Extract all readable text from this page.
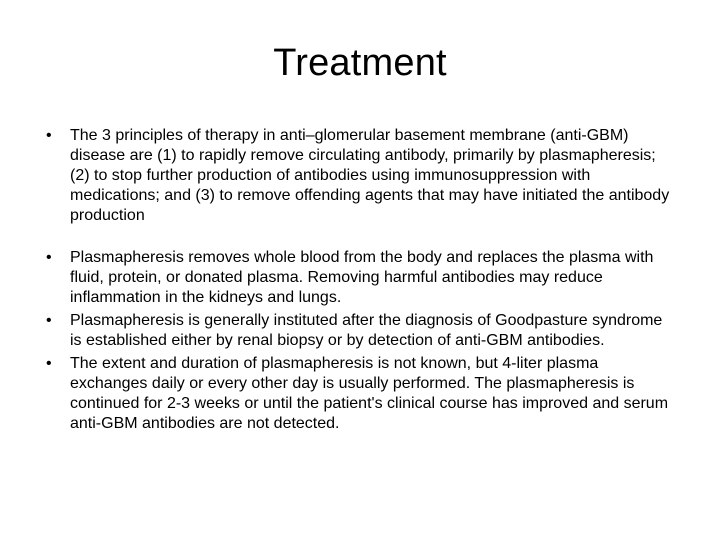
Treatment
•	The 3 principles of therapy in anti–glomerular basement membrane (anti-GBM) disease are (1) to rapidly remove circulating antibody, primarily by plasmapheresis; (2) to stop further production of antibodies using immunosuppression with medications; and (3) to remove offending agents that may have initiated the antibody production
•	Plasmapheresis removes whole blood from the body and replaces the plasma with fluid, protein, or donated plasma. Removing harmful antibodies may reduce inflammation in the kidneys and lungs.
•	Plasmapheresis is generally instituted after the diagnosis of Goodpasture syndrome is established either by renal biopsy or by detection of anti-GBM antibodies.
•	The extent and duration of plasmapheresis is not known, but 4-liter plasma exchanges daily or every other day is usually performed. The plasmapheresis is continued for 2-3 weeks or until the patient's clinical course has improved and serum anti-GBM antibodies are not detected.
